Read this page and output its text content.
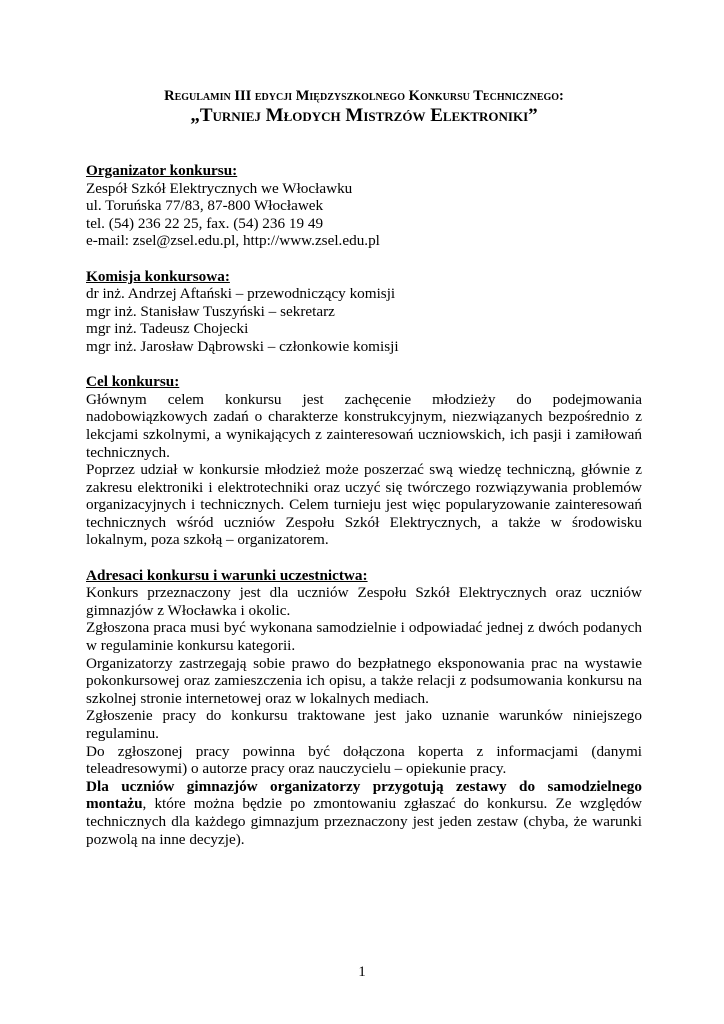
Regulamin III edycji Międzyszkolnego Konkursu Technicznego:
„Turniej Młodych Mistrzów Elektroniki”
Organizator konkursu:
Zespół Szkół Elektrycznych we Włocławku
ul. Toruńska 77/83, 87-800 Włocławek
tel. (54) 236 22 25, fax. (54) 236 19 49
e-mail: zsel@zsel.edu.pl, http://www.zsel.edu.pl
Komisja konkursowa:
dr inż. Andrzej Aftański – przewodniczący komisji
mgr inż. Stanisław Tuszyński – sekretarz
mgr inż. Tadeusz Chojecki
mgr inż. Jarosław Dąbrowski – członkowie komisji
Cel konkursu:

Głównym celem konkursu jest zachęcenie młodzieży do podejmowania nadobowiązkowych zadań o charakterze konstrukcyjnym, niezwiązanych bezpośrednio z lekcjami szkolnymi, a wynikających z zainteresowań uczniowskich, ich pasji i zamiłowań technicznych.

Poprzez udział w konkursie młodzież może poszerzać swą wiedzę techniczną, głównie z zakresu elektroniki i elektrotechniki oraz uczyć się twórczego rozwiązywania problemów organizacyjnych i technicznych. Celem turnieju jest więc popularyzowanie zainteresowań technicznych wśród uczniów Zespołu Szkół Elektrycznych, a także w środowisku lokalnym, poza szkołą – organizatorem.

Adresaci konkursu i warunki uczestnictwa:

Konkurs przeznaczony jest dla uczniów Zespołu Szkół Elektrycznych oraz uczniów gimnazjów z Włocławka i okolic.

Zgłoszona praca musi być wykonana samodzielnie i odpowiadać jednej z dwóch podanych w regulaminie konkursu kategorii.

Organizatorzy zastrzegają sobie prawo do bezpłatnego eksponowania prac na wystawie pokonkursowej oraz zamieszczenia ich opisu, a także relacji z podsumowania konkursu na szkolnej stronie internetowej oraz w lokalnych mediach.

Zgłoszenie pracy do konkursu traktowane jest jako uznanie warunków niniejszego regulaminu.

Do zgłoszonej pracy powinna być dołączona koperta z informacjami (danymi teleadresowymi) o autorze pracy oraz nauczycielu – opiekunie pracy.

Dla uczniów gimnazjów organizatorzy przygotują zestawy do samodzielnego montażu, które można będzie po zmontowaniu zgłaszać do konkursu. Ze względów technicznych dla każdego gimnazjum przeznaczony jest jeden zestaw (chyba, że warunki pozwolą na inne decyzje).

1
